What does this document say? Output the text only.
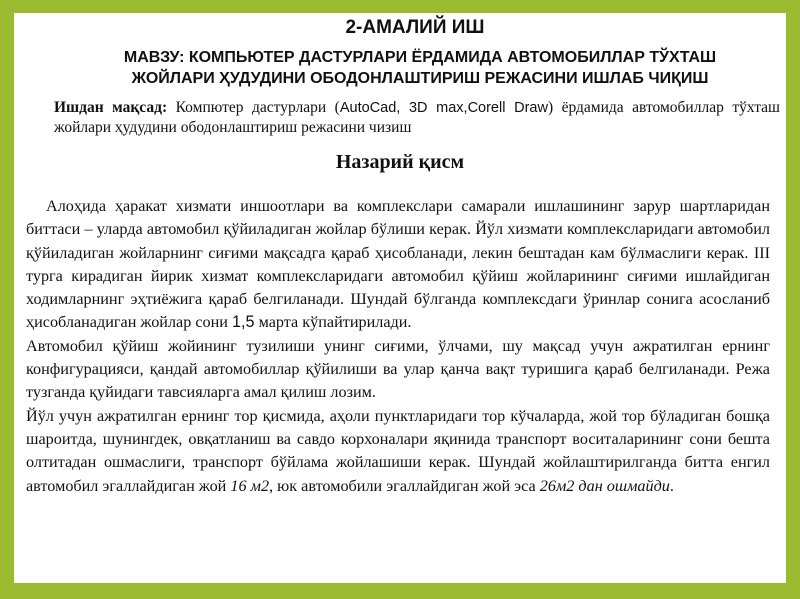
2-АМАЛИЙ ИШ
МАВЗУ: КОМПЬЮТЕР ДАСТУРЛАРИ ЁРДАМИДА АВТОМОБИЛЛАР ТЎХТАШ
ЖОЙЛАРИ ҲУДУДИНИ ОБОДОНЛАШТИРИШ РЕЖАСИНИ ИШЛАБ ЧИҚИШ
Ишдан мақсад: Компютер дастурлари (AutoCad, 3D max,Corell Draw) ёрдамида автомобиллар тўхташ жойлари ҳудудини ободонлаштириш режасини чизиш
Назарий қисм

Алоҳида ҳаракат хизмати иншоотлари ва комплекслари самарали ишлашининг зарур шартларидан биттаси – уларда автомобил қўйиладиган жойлар бўлиши керак. Йўл хизмати комплексларидаги автомобил қўйиладиган жойларнинг сиғими мақсадга қараб ҳисобланади, лекин бештадан кам бўлмаслиги керак. III турга кирадиган йирик хизмат комплексларидаги автомобил қўйиш жойларининг сиғими ишлайдиган ходимларнинг эҳтиёжига қараб белгиланади. Шундай бўлганда комплексдаги ўринлар сонига асосланиб ҳисобланадиган жойлар сони 1,5 марта кўпайтирилади.

Автомобил қўйиш жойининг тузилиши унинг сиғими, ўлчами, шу мақсад учун ажратилган ернинг конфигурацияси, қандай автомобиллар қўйилиши ва улар қанча вақт туришига қараб белгиланади. Режа тузганда қуйидаги тавсияларга амал қилиш лозим.

Йўл учун ажратилган ернинг тор қисмида, аҳоли пунктларидаги тор кўчаларда, жой тор бўладиган бошқа шароитда, шунингдек, овқатланиш ва савдо корхоналари яқинида транспорт воситаларининг сони бешта олтитадан ошмаслиги, транспорт бўйлама жойлашиши керак. Шундай жойлаштирилганда битта енгил автомобил эгаллайдиган жой 16 м2, юк автомобили эгаллайдиган жой эса 26м2 дан ошмайди.
